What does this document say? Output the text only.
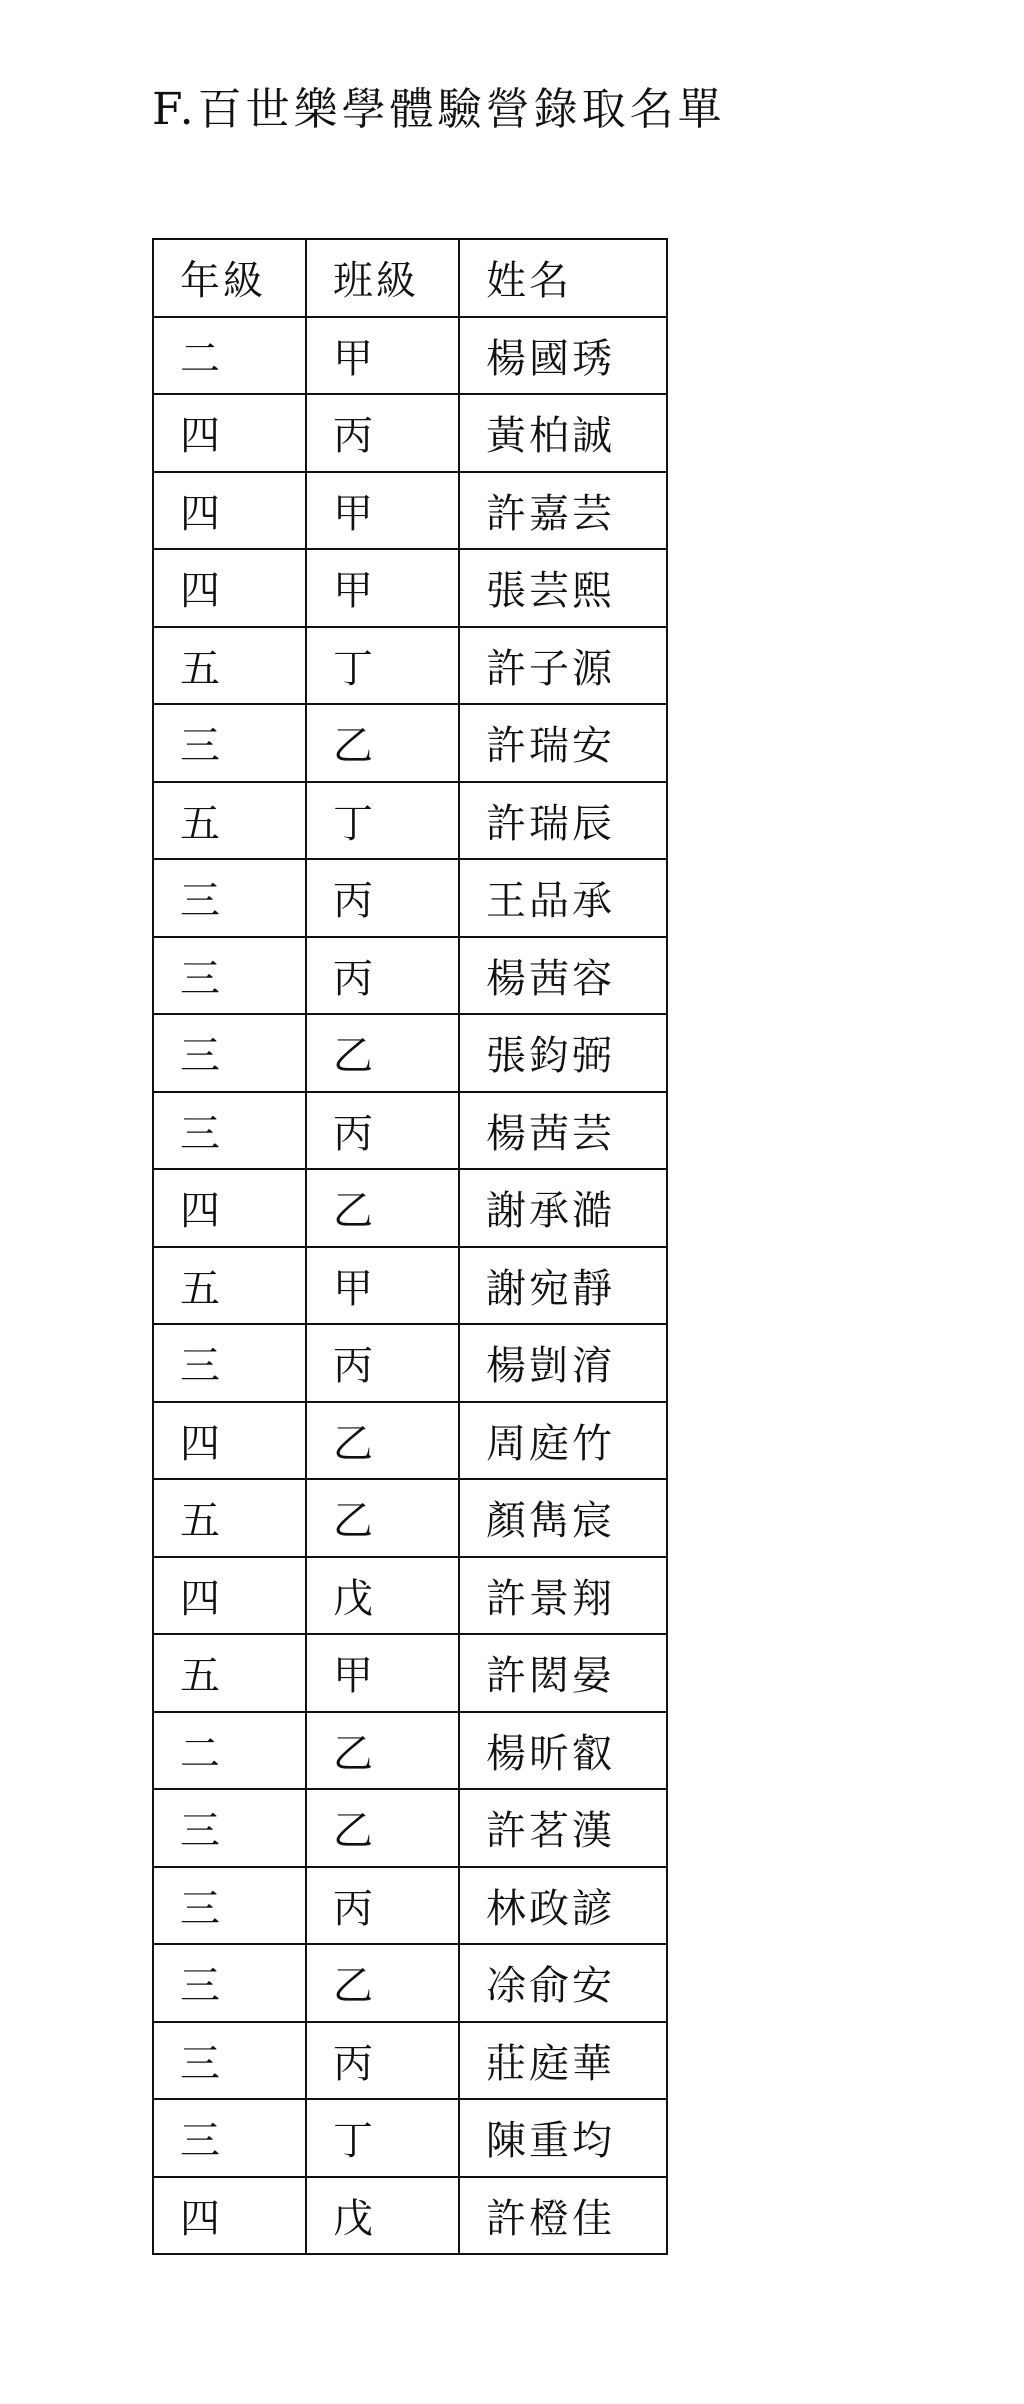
F.百世樂學體驗營錄取名單
年級	班級	姓名
二	甲	楊國琇
四	丙	黃柏誠
四	甲	許嘉芸
四	甲	張芸熙
五	丁	許子源
三	乙	許瑞安
五	丁	許瑞辰
三	丙	王品承
三	丙	楊茜容
三	乙	張鈞弼
三	丙	楊茜芸
四	乙	謝承澔
五	甲	謝宛靜
三	丙	楊剴淯
四	乙	周庭竹
五	乙	顏雋宸
四	戊	許景翔
五	甲	許閎晏
二	乙	楊昕叡
三	乙	許茗漢
三	丙	林政諺
三	乙	凃俞安
三	丙	莊庭華
三	丁	陳重均
四	戊	許橙佳
